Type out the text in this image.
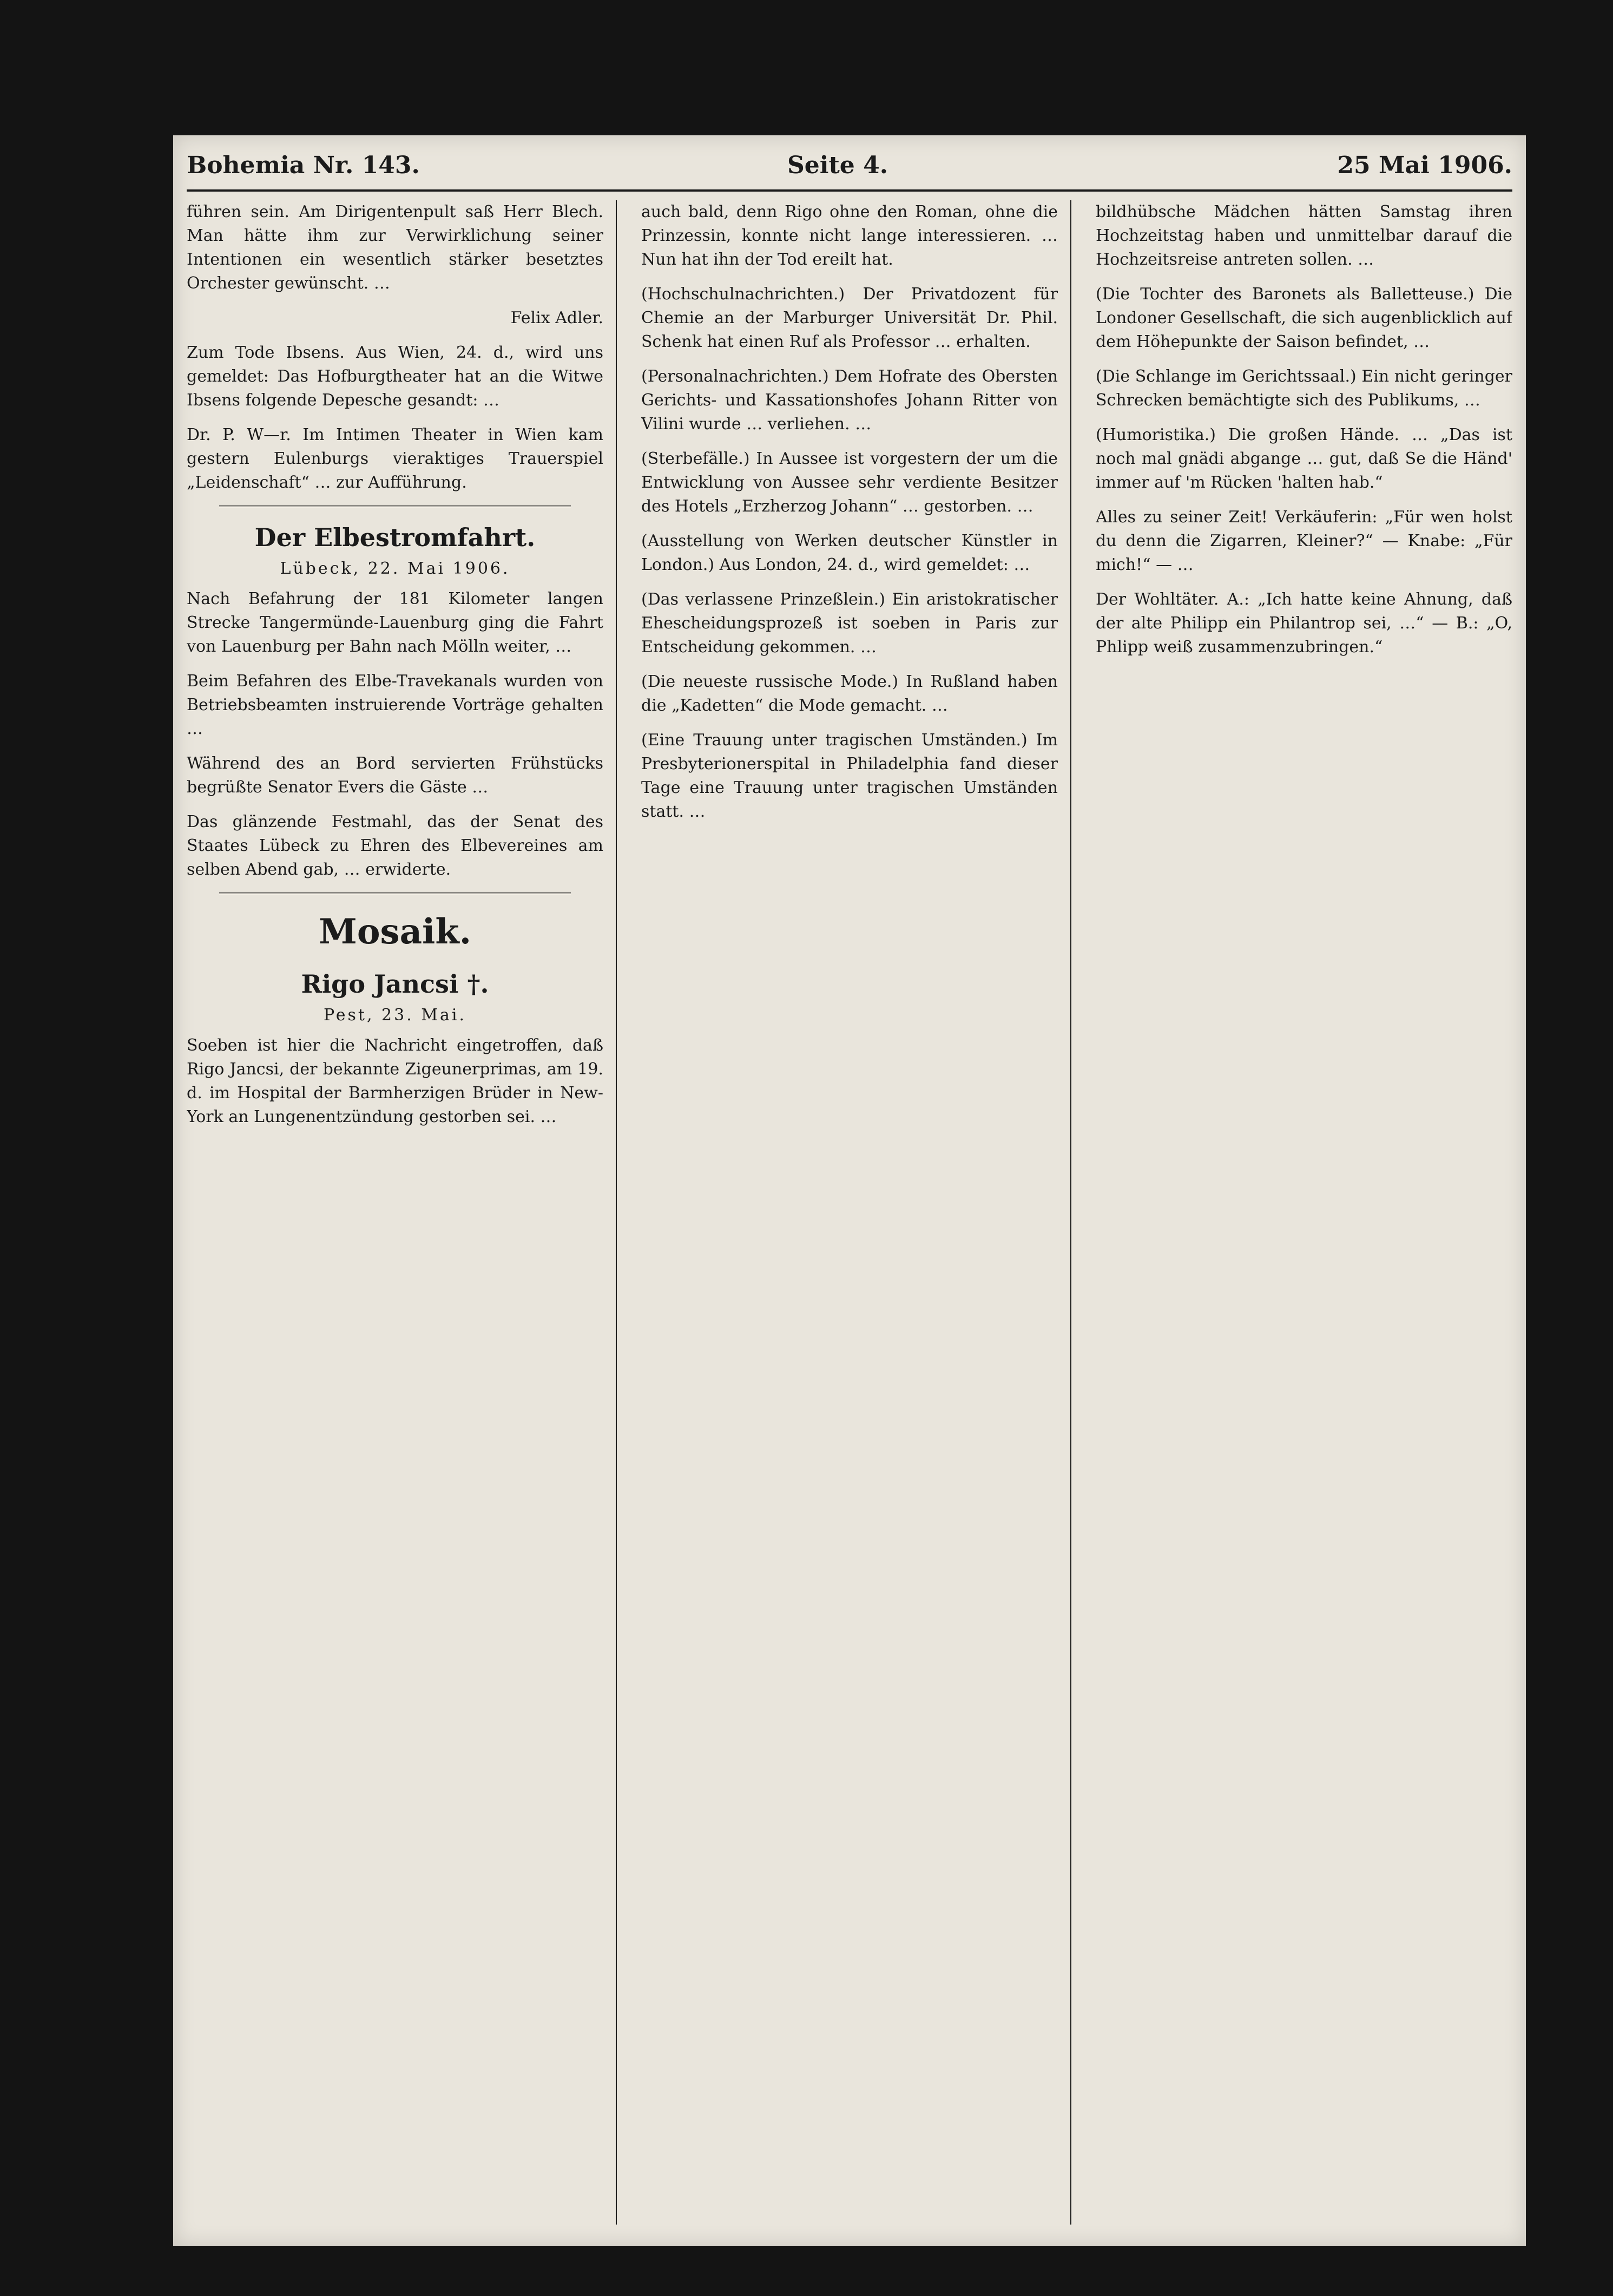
Bohemia Nr. 143.	Seite 4.	25 Mai 1906.

führen sein. Am Dirigentenpult saß Herr Blech. Man hätte ihm zur Verwirklichung seiner Intentionen ein wesentlich stärker besetztes Orchester gewünscht. …

Felix Adler.

Zum Tode Ibsens. Aus Wien, 24. d., wird uns gemeldet: Das Hofburgtheater hat an die Witwe Ibsens folgende Depesche gesandt: …

Dr. P. W—r. Im Intimen Theater in Wien kam gestern Eulenburgs vieraktiges Trauerspiel „Leidenschaft“ … zur Aufführung.

Der Elbestromfahrt.
Lübeck, 22. Mai 1906.

Nach Befahrung der 181 Kilometer langen Strecke Tangermünde-Lauenburg ging die Fahrt von Lauenburg per Bahn nach Mölln weiter, …

Beim Befahren des Elbe-Travekanals wurden von Betriebsbeamten instruierende Vorträge gehalten …

Während des an Bord servierten Frühstücks begrüßte Senator Evers die Gäste …

Das glänzende Festmahl, das der Senat des Staates Lübeck zu Ehren des Elbevereines am selben Abend gab, … erwiderte.

Mosaik.
Rigo Jancsi †.
Pest, 23. Mai.

Soeben ist hier die Nachricht eingetroffen, daß Rigo Jancsi, der bekannte Zigeunerprimas, am 19. d. im Hospital der Barmherzigen Brüder in New-York an Lungenentzündung gestorben sei. …

auch bald, denn Rigo ohne den Roman, ohne die Prinzessin, konnte nicht lange interessieren. … Nun hat ihn der Tod ereilt hat.

(Hochschulnachrichten.) Der Privatdozent für Chemie an der Marburger Universität Dr. Phil. Schenk hat einen Ruf als Professor … erhalten.

(Personalnachrichten.) Dem Hofrate des Obersten Gerichts- und Kassationshofes Johann Ritter von Vilini wurde … verliehen. …

(Sterbefälle.) In Aussee ist vorgestern der um die Entwicklung von Aussee sehr verdiente Besitzer des Hotels „Erzherzog Johann“ … gestorben. …

(Ausstellung von Werken deutscher Künstler in London.) Aus London, 24. d., wird gemeldet: …

(Das verlassene Prinzeßlein.) Ein aristokratischer Ehescheidungsprozeß ist soeben in Paris zur Entscheidung gekommen. …

(Die neueste russische Mode.) In Rußland haben die „Kadetten“ die Mode gemacht. …

(Eine Trauung unter tragischen Umständen.) Im Presbyterionerspital in Philadelphia fand dieser Tage eine Trauung unter tragischen Umständen statt. …

bildhübsche Mädchen hätten Samstag ihren Hochzeitstag haben und unmittelbar darauf die Hochzeitsreise antreten sollen. …

(Die Tochter des Baronets als Balletteuse.) Die Londoner Gesellschaft, die sich augenblicklich auf dem Höhepunkte der Saison befindet, …

(Die Schlange im Gerichtssaal.) Ein nicht geringer Schrecken bemächtigte sich des Publikums, …

(Humoristika.) Die großen Hände. … „Das ist noch mal gnädi abgange … gut, daß Se die Händ' immer auf 'm Rücken 'halten hab.“

Alles zu seiner Zeit! Verkäuferin: „Für wen holst du denn die Zigarren, Kleiner?“ — Knabe: „Für mich!“ — …

Der Wohltäter. A.: „Ich hatte keine Ahnung, daß der alte Philipp ein Philantrop sei, …“ — B.: „O, Phlipp weiß zusammenzubringen.“
